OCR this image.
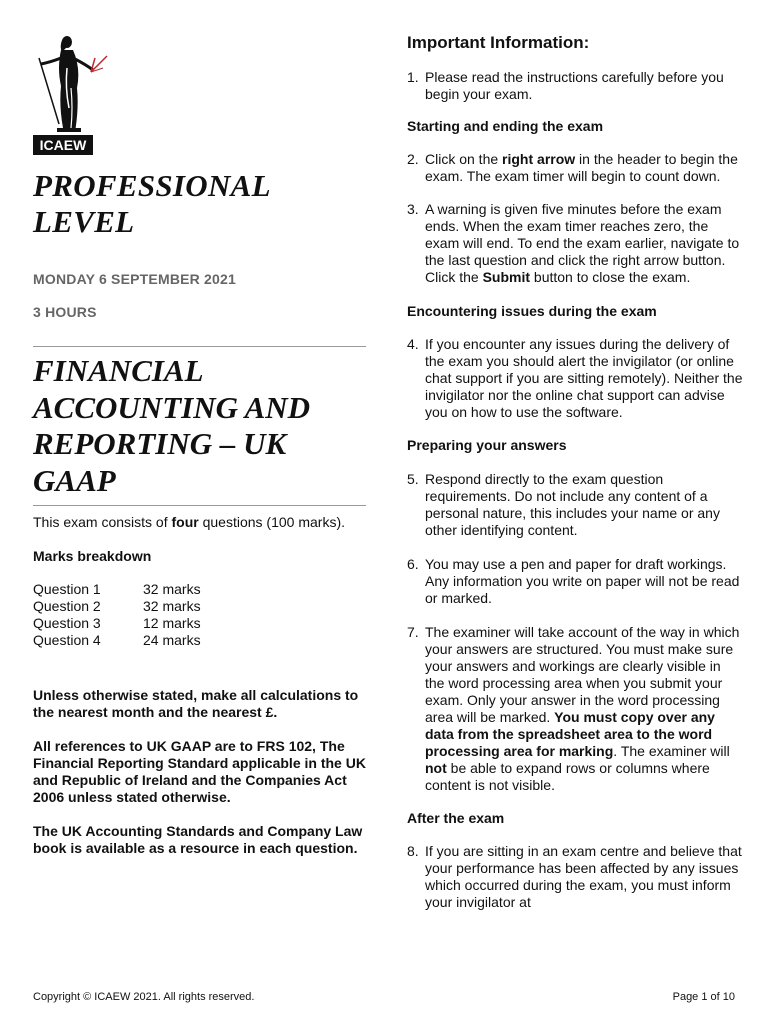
ICAEW
PROFESSIONAL
LEVEL
MONDAY 6 SEPTEMBER 2021
3 HOURS
FINANCIAL
ACCOUNTING AND
REPORTING – UK
GAAP
This exam consists of four questions (100 marks).
Marks breakdown
Question 1	32 marks
Question 2	32 marks
Question 3	12 marks
Question 4	24 marks
Unless otherwise stated, make all calculations to the nearest month and the nearest £.
All references to UK GAAP are to FRS 102, The Financial Reporting Standard applicable in the UK and Republic of Ireland and the Companies Act 2006 unless stated otherwise.
The UK Accounting Standards and Company Law book is available as a resource in each question.
Important Information:
1. Please read the instructions carefully before you begin your exam.
Starting and ending the exam
2. Click on the right arrow in the header to begin the exam. The exam timer will begin to count down.
3. A warning is given five minutes before the exam ends. When the exam timer reaches zero, the exam will end. To end the exam earlier, navigate to the last question and click the right arrow button. Click the Submit button to close the exam.
Encountering issues during the exam
4. If you encounter any issues during the delivery of the exam you should alert the invigilator (or online chat support if you are sitting remotely). Neither the invigilator nor the online chat support can advise you on how to use the software.
Preparing your answers
5. Respond directly to the exam question requirements. Do not include any content of a personal nature, this includes your name or any other identifying content.
6. You may use a pen and paper for draft workings. Any information you write on paper will not be read or marked.
7. The examiner will take account of the way in which your answers are structured. You must make sure your answers and workings are clearly visible in the word processing area when you submit your exam. Only your answer in the word processing area will be marked. You must copy over any data from the spreadsheet area to the word processing area for marking. The examiner will not be able to expand rows or columns where content is not visible.
After the exam
8. If you are sitting in an exam centre and believe that your performance has been affected by any issues which occurred during the exam, you must inform your invigilator at
Copyright © ICAEW 2021. All rights reserved.	Page 1 of 10
